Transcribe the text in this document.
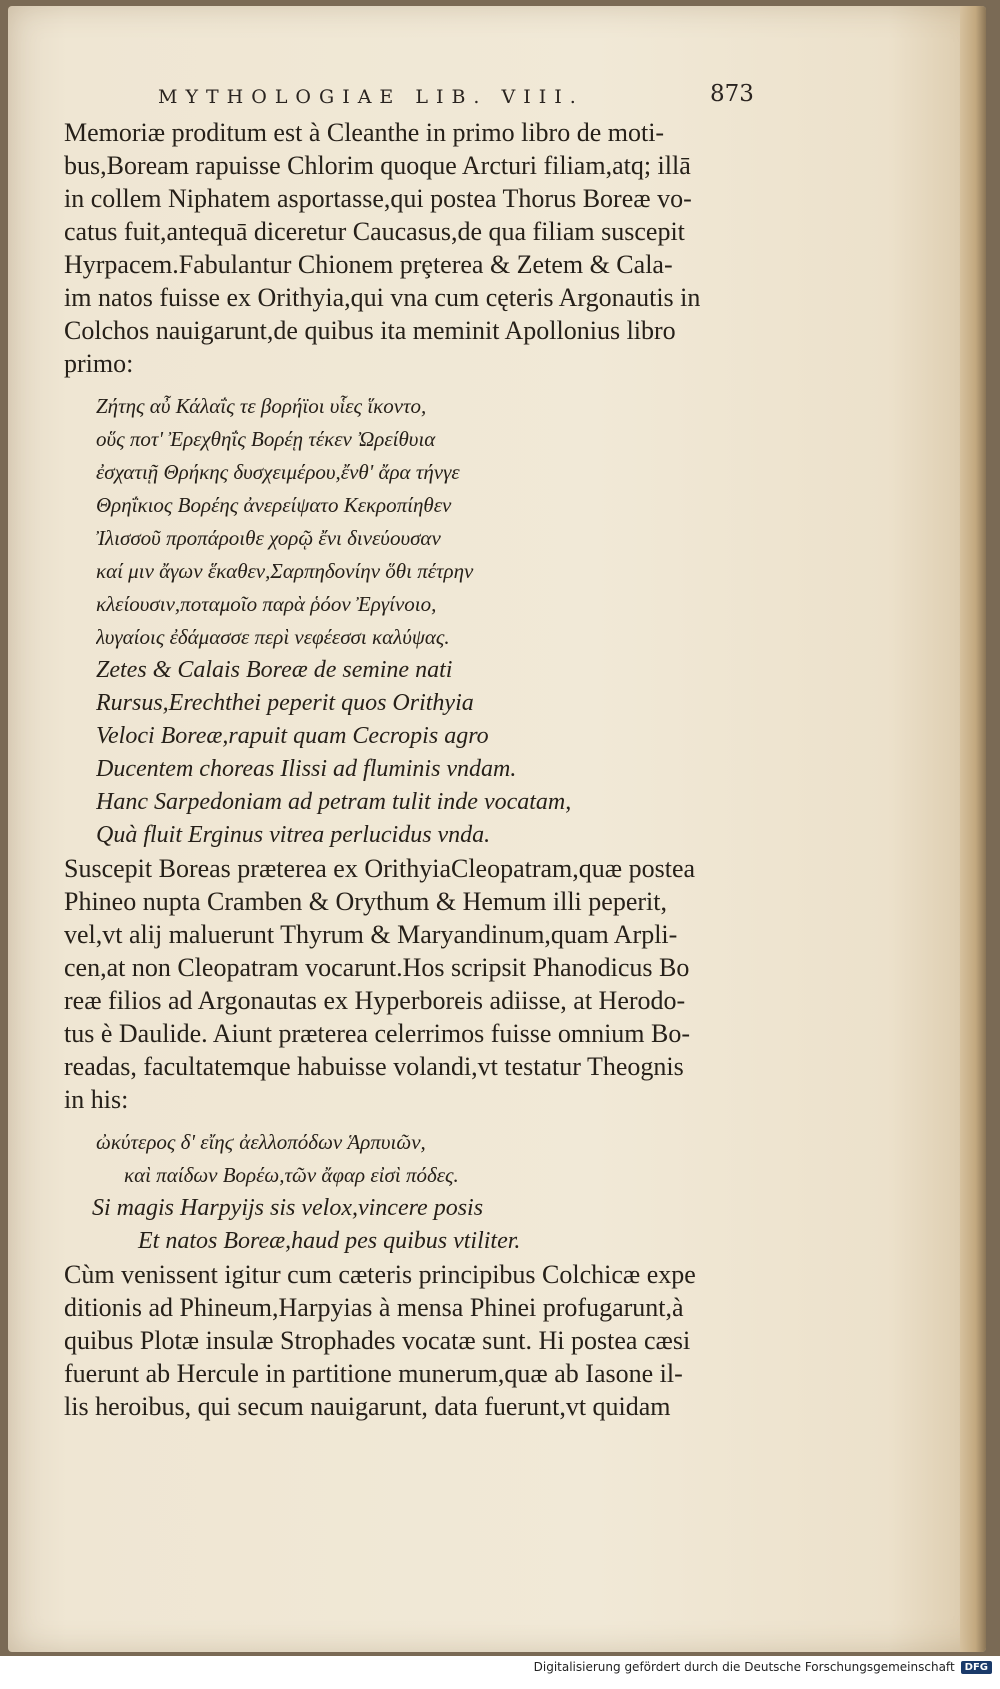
MYTHOLOGIAE LIB. VIII.	873
Memoriæ proditum est à Cleanthe in primo libro de moti-
bus,Boream rapuisse Chlorim quoque Arcturi filiam,atq; illā
in collem Niphatem asportasse,qui postea Thorus Boreæ vo-
catus fuit,antequā diceretur Caucasus,de qua filiam suscepit
Hyrpacem.Fabulantur Chionem prȩterea & Zetem & Cala-
im natos fuisse ex Orithyia,qui vna cum cęteris Argonautis in
Colchos nauigarunt,de quibus ita meminit Apollonius libro
primo:
Ζήτης αὖ Κάλαΐς τε βορήϊοι υἷες ἵκοντο,
οὕς ποτ' Ἐρεχθηΐς Βορέῃ τέκεν Ὠρείθυια
ἐσχατιῇ Θρήκης δυσχειμέρου,ἔνθ' ἄρα τήνγε
Θρηΐκιος Βορέης ἀνερείψατο Κεκροπίηθεν
Ἰλισσοῦ προπάροιθε χορῷ ἔνι δινεύουσαν
καί μιν ἄγων ἕκαθεν,Σαρπηδονίην ὅθι πέτρην
κλείουσιν,ποταμοῖο παρὰ ῥόον Ἐργίνοιο,
λυγαίοις ἐδάμασσε περὶ νεφέεσσι καλύψας.
Zetes & Calais Boreæ de semine nati
Rursus,Erechthei peperit quos Orithyia
Veloci Boreæ,rapuit quam Cecropis agro
Ducentem choreas Ilissi ad fluminis vndam.
Hanc Sarpedoniam ad petram tulit inde vocatam,
Quà fluit Erginus vitrea perlucidus vnda.
Suscepit Boreas præterea ex OrithyiaCleopatram,quæ postea
Phineo nupta Cramben & Orythum & Hemum illi peperit,
vel,vt alij maluerunt Thyrum & Maryandinum,quam Arpli-
cen,at non Cleopatram vocarunt.Hos scripsit Phanodicus Bo
reæ filios ad Argonautas ex Hyperboreis adiisse, at Herodo-
tus è Daulide. Aiunt præterea celerrimos fuisse omnium Bo-
readas, facultatemque habuisse volandi,vt testatur Theognis
in his:
ὠκύτερος δ' εἴηϛ ἀελλοπόδων Ἁρπυιῶν,
καὶ παίδων Βορέω,τῶν ἄφαρ εἰσὶ πόδες.
Si magis Harpyijs sis velox,vincere posis
Et natos Boreæ,haud pes quibus vtiliter.
Cùm venissent igitur cum cæteris principibus Colchicæ expe
ditionis ad Phineum,Harpyias à mensa Phinei profugarunt,à
quibus Plotæ insulæ Strophades vocatæ sunt. Hi postea cæsi
fuerunt ab Hercule in partitione munerum,quæ ab Iasone il-
lis heroibus, qui secum nauigarunt, data fuerunt,vt quidam
Digitalisierung gefördert durch die Deutsche Forschungsgemeinschaft	DFG
